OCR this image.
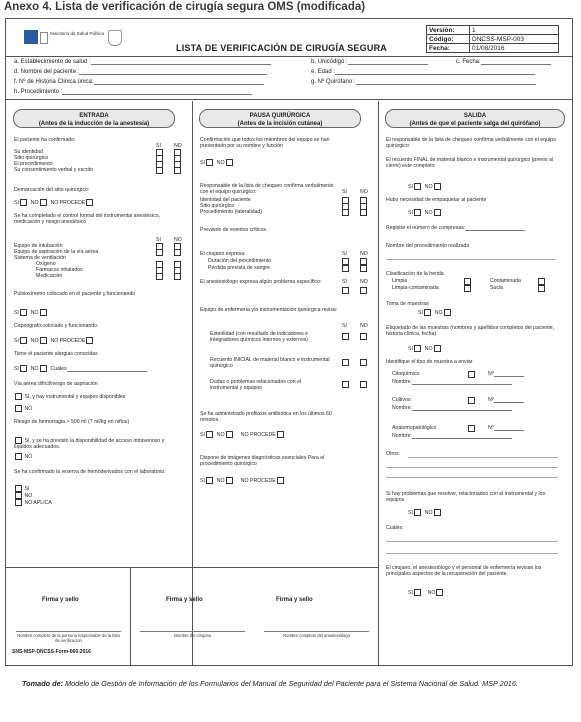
Anexo 4. Lista de verificación de cirugía segura OMS (modificada)
Ministerio de Salud Pública
LISTA DE VERIFICACIÓN DE CIRUGÍA SEGURA
Versión:	1
Código:	DNCSS-MSP-003
Fecha:	01/08/2016
a. Establecimiento de salud :	b. Unicódigo :	c. Fecha:
d. Nombre del paciente :	e. Edad :
f. Nº de Historia Clínica única:	g. Nº Quirófano :
h. Procedimiento :
ENTRADA
(Antes de la inducción de la anestesia)
El paciente ha confirmado:
SI	NO
Su identidad
Sitio quirúrgico
El procedimiento
Su consentimiento verbal y escrito
Demarcación del sitio quirúrgico:
SI NO NO PROCEDE
Se ha completado el control formal del instrumental anestésico, medicación y riesgo anestésico
SI	NO
Equipo de intubación
Equipo de aspiración de la vía aérea
Sistema de ventilación
Oxígeno
Fármacos inhalados
Medicación
Pulsioxímetro colocado en el paciente y funcionando
SI NO
Capnógrafo colocado y funcionando
SI NO NO PROCEDE
Tiene el paciente alergias conocidas
SI NO Cuáles
Vía aérea difícil/riesgo de aspiración
SI, y hay instrumental y equipos disponibles
NO
Riesgo de hemorragia > 500 ml (7 ml/kg en niños)
SI, y se ha previsto la disponibilidad de acceso intravenoso y líquidos adecuados.
NO
Se ha confirmado la reserva de hemoderivados con el laboratorio:
SI
NO
NO APLICA
PAUSA QUIRÚRGICA
(Antes de la incisión cutánea)
Confirmación que todos los miembros del equipo se han presentado por su nombre y función
SI NO
Responsable de la lista de chequeo confirma verbalmente con el equipo quirúrgico:	SI	NO
Identidad del paciente
Sitio quirúrgico
Procedimiento (lateralidad)
Previsión de eventos críticos
El cirujano expresa:	SI	NO
Duración del procedimiento
Pérdida prevista de sangre
El anestesiólogo expresa algún problema específico:	SI	NO
Equipo de enfermería y/o instrumentación quirúrgica revisa:
SI	NO
Esterilidad (con resultado de indicadores e integradores químicos internos y externos)
Recuento INICIAL de material blanco e instrumental quirúrgico
Dudas o problemas relacionados con el instrumental y equipos
Se ha administrado profilaxis antibiótica en los últimos 60 minutos
SI NO	NO PROCEDE
Dispone de imágenes diagnósticas esenciales Para el procedimiento quirúrgico
SI NO	NO PROCEDE
SALIDA
(Antes de que el paciente salga del quirófano)
El responsable de la lista de chequeo confirma verbalmente con el equipo quirúrgico:
El recuento FINAL de material blanco e instrumental quirúrgico (previo al cierre) este completo:
SI NO
Hubo necesidad de empaquetar al paciente
SI NO
Registre el número de compresas:
Nombre del procedimiento realizado
Clasificación de la herida
Limpia	Contaminada
Limpia-contaminada	Sucia
Toma de muestras
SI NO
Etiquetado de las muestras (nombres y apellidos completos del paciente, historia clínica, fecha)
SI NO
Identifique el tipo de muestra a enviar
Citoquímico	Nº
Nombre:
Cultivos	Nº
Nombre:
Anatomopatológico	Nº
Nombre:
Otros:
Si hay problemas que resolver, relacionados con el instrumental y los equipos
SI NO
Cuáles:
El cirujano, el anestesiólogo y el personal de enfermería revisan los principales aspectos de la recuperación del paciente.
SI	NO
Firma y sello	Firma y sello	Firma y sello
Nombre completo de la persona responsable de la lista de verificación
Nombre del cirujano	Nombre completo del anestesiólogo
SNS-MSP-DNCSS-Form-060-2016
Tomado de: Modelo de Gestión de Información de los Formularios del Manual de Seguridad del Paciente para el Sistema Nacional de Salud. MSP 2016.
